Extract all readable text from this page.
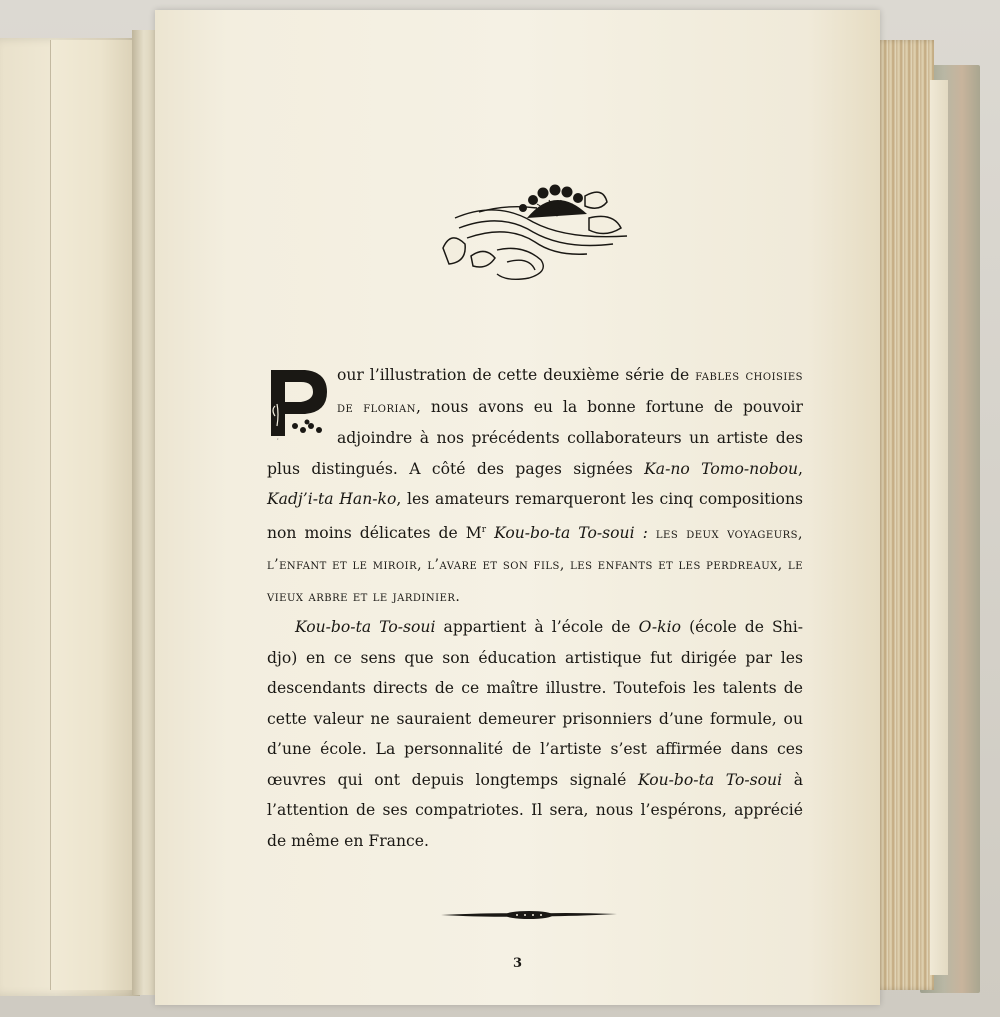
P
our l’illustration de cette deuxième série de fables choisies de florian, nous avons eu la bonne fortune de pouvoir adjoindre à nos précédents collaborateurs un artiste des plus distingués. A côté des pages signées Ka-no Tomo-nobou, Kadj’i-ta Han-ko, les amateurs remarqueront les cinq compositions non moins délicates de $M^r$ Kou-bo-ta To-soui : les deux voyageurs, l’enfant et le miroir, l’avare et son fils, les enfants et les perdreaux, le vieux arbre et le jardinier.

Kou-bo-ta To-soui appartient à l’école de O-kio (école de Shi-djo) en ce sens que son éducation artistique fut dirigée par les descendants directs de ce maître illustre. Toutefois les talents de cette valeur ne sauraient demeurer prisonniers d’une formule, ou d’une école. La personnalité de l’artiste s’est affirmée dans ces œuvres qui ont depuis longtemps signalé Kou-bo-ta To-soui à l’attention de ses compatriotes. Il sera, nous l’espérons, apprécié de même en France.

3
